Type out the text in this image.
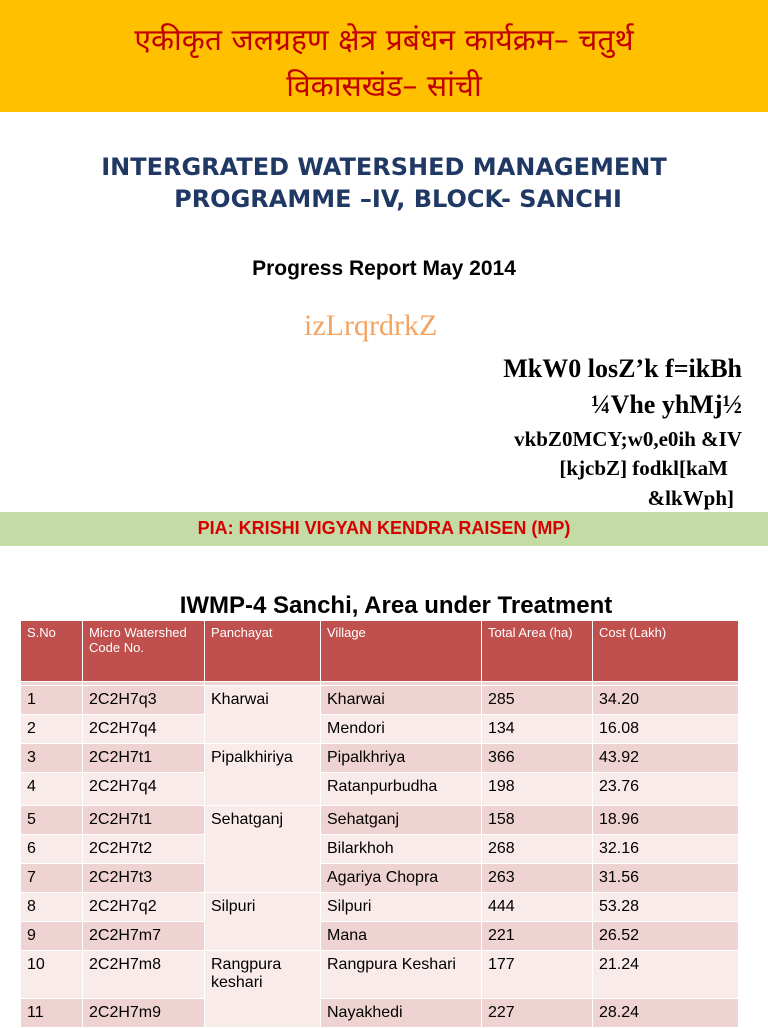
एकीकृत जलग्रहण क्षेत्र प्रबंधन कार्यक्रम– चतुर्थ
विकासखंड– सांची
INTERGRATED WATERSHED MANAGEMENT
PROGRAMME –IV, BLOCK- SANCHI
Progress Report May 2014
izLrqrdrkZ
MkW0 losZ’k f=ikBh
¼Vhe yhMj½
vkbZ0MCY;w0,e0ih &IV
[kjcbZ] fodkl[kaM
&lkWph]
PIA: KRISHI VIGYAN KENDRA RAISEN (MP)
IWMP-4 Sanchi, Area under Treatment
S.No	Micro Watershed Code No.	Panchayat	Village	Total Area (ha)	Cost (Lakh)

1	2C2H7q3	Kharwai	Kharwai	285	34.20
2	2C2H7q4		Mendori	134	16.08
3	2C2H7t1	Pipalkhiriya	Pipalkhriya	366	43.92
4	2C2H7q4		Ratanpurbudha	198	23.76
5	2C2H7t1	Sehatganj	Sehatganj	158	18.96
6	2C2H7t2		Bilarkhoh	268	32.16
7	2C2H7t3		Agariya Chopra	263	31.56
8	2C2H7q2	Silpuri	Silpuri	444	53.28
9	2C2H7m7		Mana	221	26.52
10	2C2H7m8	Rangpura keshari	Rangpura Keshari	177	21.24
11	2C2H7m9		Nayakhedi	227	28.24
